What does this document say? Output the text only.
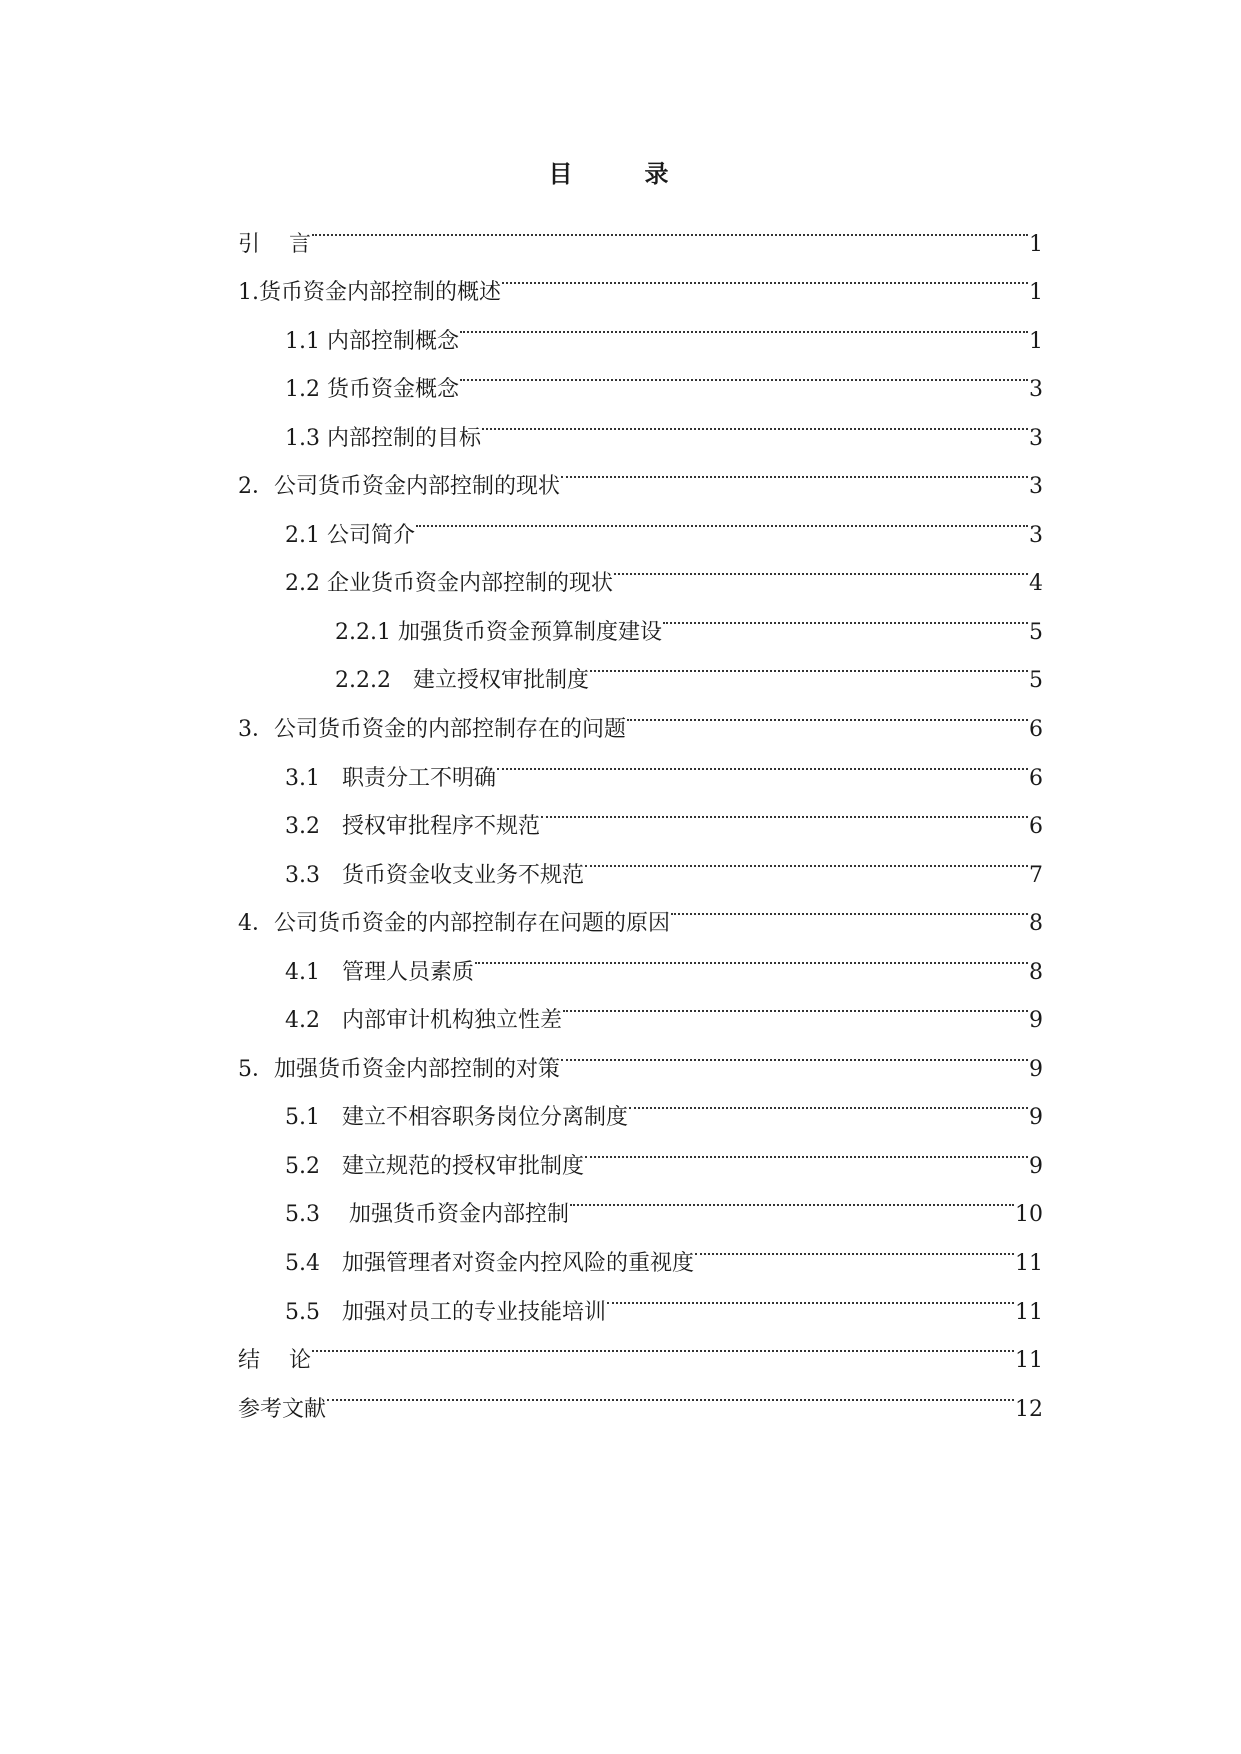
目　录
引　 言	1
1.货币资金内部控制的概述	1
1.1 内部控制概念	1
1.2 货币资金概念	3
1.3 内部控制的目标	3
2．公司货币资金内部控制的现状	3
2.1 公司简介	3
2.2 企业货币资金内部控制的现状	4
2.2.1 加强货币资金预算制度建设	5
2.2.2　建立授权审批制度	5
3．公司货币资金的内部控制存在的问题	6
3.1　职责分工不明确	6
3.2　授权审批程序不规范	6
3.3　货币资金收支业务不规范	7
4．公司货币资金的内部控制存在问题的原因	8
4.1　管理人员素质	8
4.2　内部审计机构独立性差	9
5．加强货币资金内部控制的对策	9
5.1　建立不相容职务岗位分离制度	9
5.2　建立规范的授权审批制度	9
5.3　 加强货币资金内部控制	10
5.4　加强管理者对资金内控风险的重视度	11
5.5　加强对员工的专业技能培训	11
结　 论	11
参考文献	12
